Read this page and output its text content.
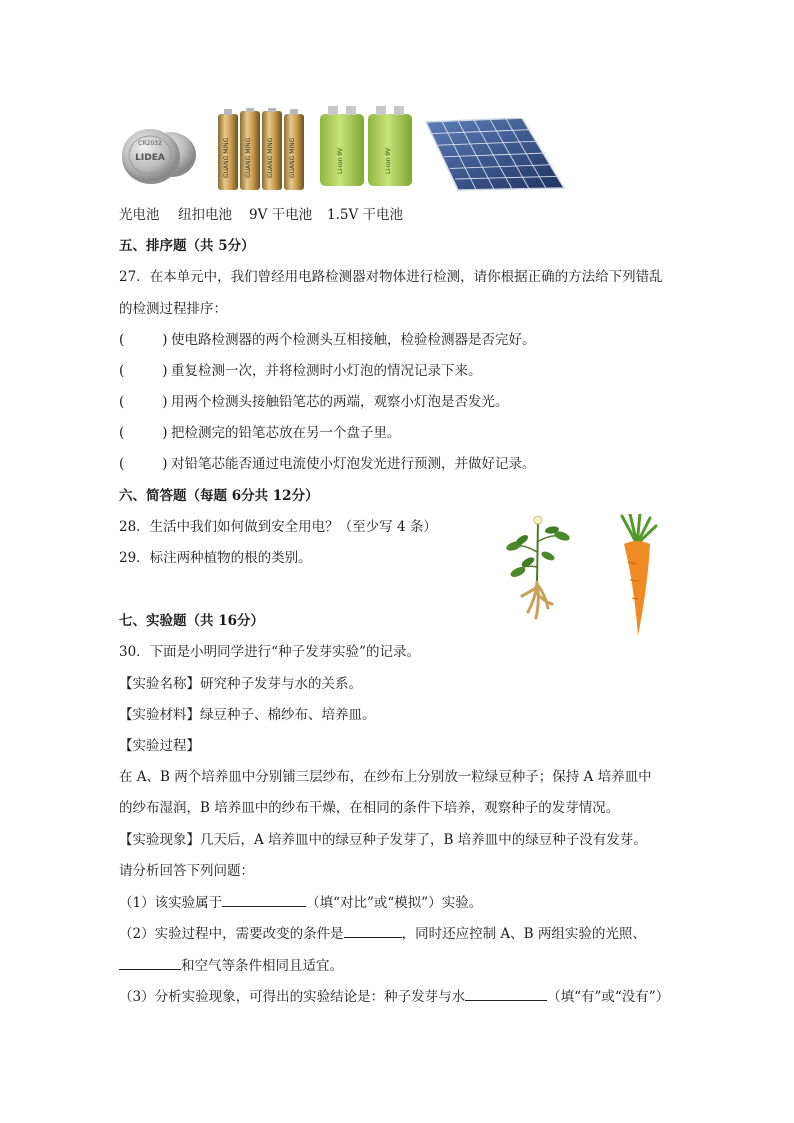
CR2032
LIDEA	GUANG MING	GUANG MING	GUANG MING	GUANG MING	Li-ion 9V	Li-ion 9V
光电池 纽扣电池 9V 干电池 1.5V 干电池
五、排序题（共 5分）
27．在本单元中，我们曾经用电路检测器对物体进行检测，请你根据正确的方法给下列错乱
的检测过程排序：
(	) 使电路检测器的两个检测头互相接触，检验检测器是否完好。
(	) 重复检测一次，并将检测时小灯泡的情况记录下来。
(	) 用两个检测头接触铅笔芯的两端，观察小灯泡是否发光。
(	) 把检测完的铅笔芯放在另一个盘子里。
(	) 对铅笔芯能否通过电流使小灯泡发光进行预测，并做好记录。
六、简答题（每题 6分共 12分）
28．生活中我们如何做到安全用电？（至少写 4 条）
29．标注两种植物的根的类别。
七、实验题（共 16分）
30．下面是小明同学进行“种子发芽实验”的记录。
【实验名称】研究种子发芽与水的关系。
【实验材料】绿豆种子、棉纱布、培养皿。
【实验过程】
在 A、B 两个培养皿中分别铺三层纱布，在纱布上分别放一粒绿豆种子；保持 A 培养皿中
的纱布湿润，B 培养皿中的纱布干燥，在相同的条件下培养，观察种子的发芽情况。
【实验现象】几天后，A 培养皿中的绿豆种子发芽了，B 培养皿中的绿豆种子没有发芽。
请分析回答下列问题：
（1）该实验属于	（填“对比”或“模拟”）实验。
（2）实验过程中，需要改变的条件是	，同时还应控制 A、B 两组实验的光照、
和空气等条件相同且适宜。
（3）分析实验现象，可得出的实验结论是：种子发芽与水	（填“有”或“没有”）
